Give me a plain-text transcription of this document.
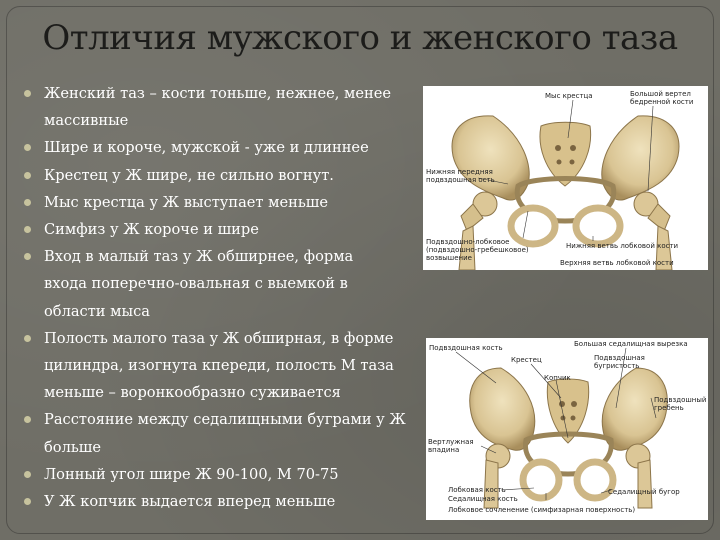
Отличия мужского и женского таза
Женский таз – кости тоньше, нежнее, менее
массивные
Шире и короче, мужской - уже и длиннее
Крестец у Ж шире, не сильно вогнут.
Мыс крестца у Ж выступает меньше
Симфиз у Ж короче и шире
Вход в малый таз у Ж обширнее, форма
входа поперечно-овальная с выемкой в
области мыса
Полость малого таза у Ж обширная, в форме
цилиндра, изогнута кпереди, полость М таза
меньше – воронкообразно суживается
Расстояние между седалищными буграми у Ж
больше
Лонный угол шире Ж 90-100, М 70-75
У Ж копчик выдается вперед меньше
Мыс крестца	Большой вертел
бедренной кости
Нижняя передняя
подвздошная ость
Подвздошно-лобковое
(подвздошно-гребешковое)
возвышение
Нижняя ветвь лобковой кости
Верхняя ветвь лобковой кости
Подвздошная кость	Большая седалищная вырезка
Крестец	Подвздошная
бугристость
Копчик
Подвздошный
гребень
Вертлужная
впадина
Лобковая кость
Седалищная кость
Седалищный бугор
Лобковое сочленение (симфизарная поверхность)
